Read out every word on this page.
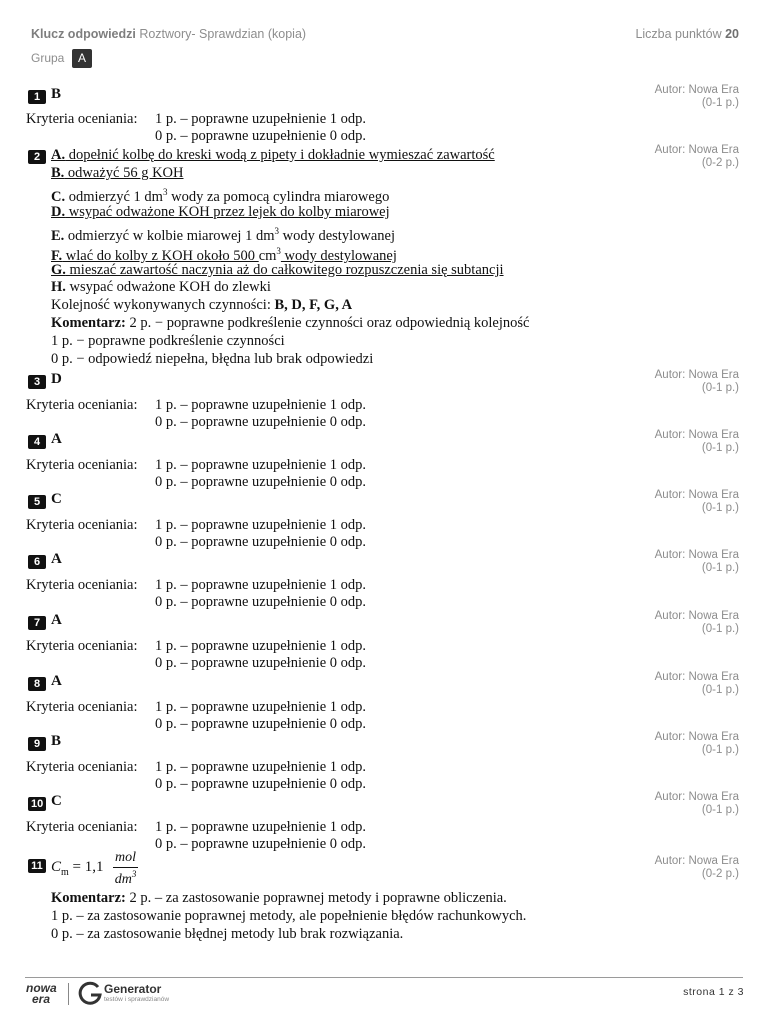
Klucz odpowiedzi Roztwory- Sprawdzian (kopia)	Liczba punktów 20
Grupa	A
1 B	Autor: Nowa Era
(0-1 p.)
Kryteria oceniania: 1 p. – poprawne uzupełnienie 1 odp.
0 p. – poprawne uzupełnienie 0 odp.
2
Autor: Nowa Era
(0-2 p.)
A. dopełnić kolbę do kreski wodą z pipety i dokładnie wymieszać zawartość
B. odważyć 56 g KOH
C. odmierzyć 1 $dm^3$ wody za pomocą cylindra miarowego
D. wsypać odważone KOH przez lejek do kolby miarowej
E. odmierzyć w kolbie miarowej 1 $dm^3$ wody destylowanej
F. wlać do kolby z KOH około 500 $cm^3$ wody destylowanej
G. mieszać zawartość naczynia aż do całkowitego rozpuszczenia się subtancji
H. wsypać odważone KOH do zlewki
Kolejność wykonywanych czynności: B, D, F, G, A
Komentarz: 2 p. − poprawne podkreślenie czynności oraz odpowiednią kolejność
1 p. − poprawne podkreślenie czynności
0 p. − odpowiedź niepełna, błędna lub brak odpowiedzi
3 D	Autor: Nowa Era
(0-1 p.)
Kryteria oceniania: 1 p. – poprawne uzupełnienie 1 odp.
0 p. – poprawne uzupełnienie 0 odp.
4 A	Autor: Nowa Era
(0-1 p.)
Kryteria oceniania: 1 p. – poprawne uzupełnienie 1 odp.
0 p. – poprawne uzupełnienie 0 odp.
5 C	Autor: Nowa Era
(0-1 p.)
Kryteria oceniania: 1 p. – poprawne uzupełnienie 1 odp.
0 p. – poprawne uzupełnienie 0 odp.
6 A	Autor: Nowa Era
(0-1 p.)
Kryteria oceniania: 1 p. – poprawne uzupełnienie 1 odp.
0 p. – poprawne uzupełnienie 0 odp.
7 A	Autor: Nowa Era
(0-1 p.)
Kryteria oceniania: 1 p. – poprawne uzupełnienie 1 odp.
0 p. – poprawne uzupełnienie 0 odp.
8 A	Autor: Nowa Era
(0-1 p.)
Kryteria oceniania: 1 p. – poprawne uzupełnienie 1 odp.
0 p. – poprawne uzupełnienie 0 odp.
9 B	Autor: Nowa Era
(0-1 p.)
Kryteria oceniania: 1 p. – poprawne uzupełnienie 1 odp.
0 p. – poprawne uzupełnienie 0 odp.
10 C	Autor: Nowa Era
(0-1 p.)
Kryteria oceniania: 1 p. – poprawne uzupełnienie 1 odp.
0 p. – poprawne uzupełnienie 0 odp.
11	Autor: Nowa Era
(0-2 p.)
$C_m = 1,1$
mol
$dm^3$
Komentarz: 2 p. – za zastosowanie poprawnej metody i poprawne obliczenia.
1 p. – za zastosowanie poprawnej metody, ale popełnienie błędów rachunkowych.
0 p. – za zastosowanie błędnej metody lub brak rozwiązania.
nowa
era
Generator
testów i sprawdzianów
strona 1 z 3
